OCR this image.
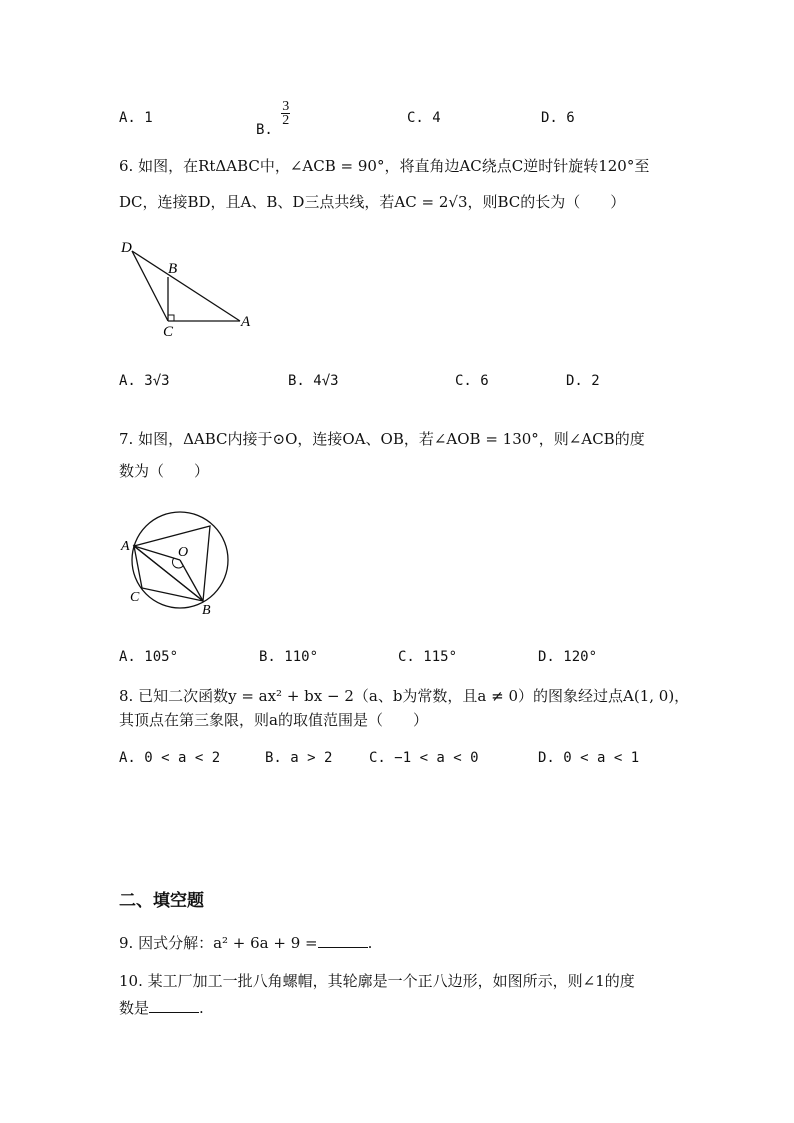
A. 1
B.
$\frac{3}{2}$	C. 4	D. 6
6. 如图，在RtΔABC中，∠ACB = 90°，将直角边AC绕点C逆时针旋转120°至
DC，连接BD，且A、B、D三点共线，若AC = 2√3，则BC的长为（　　）
D
B
C
A
A. 3√3	B. 4√3	C. 6	D. 2
7. 如图，ΔABC内接于⊙O，连接OA、OB，若∠AOB = 130°，则∠ACB的度
数为（　　）
O
A
C
B
A. 105°	B. 110°	C. 115°	D. 120°
8. 已知二次函数y = ax² + bx − 2（a、b为常数，且a ≠ 0）的图象经过点A(1, 0)，
其顶点在第三象限，则a的取值范围是（　　）
A. 0 < a < 2	B. a > 2	C. −1 < a < 0	D. 0 < a < 1
二、填空题
9. 因式分解：a² + 6a + 9 =	.
10. 某工厂加工一批八角螺帽，其轮廓是一个正八边形，如图所示，则∠1的度
数是	.
